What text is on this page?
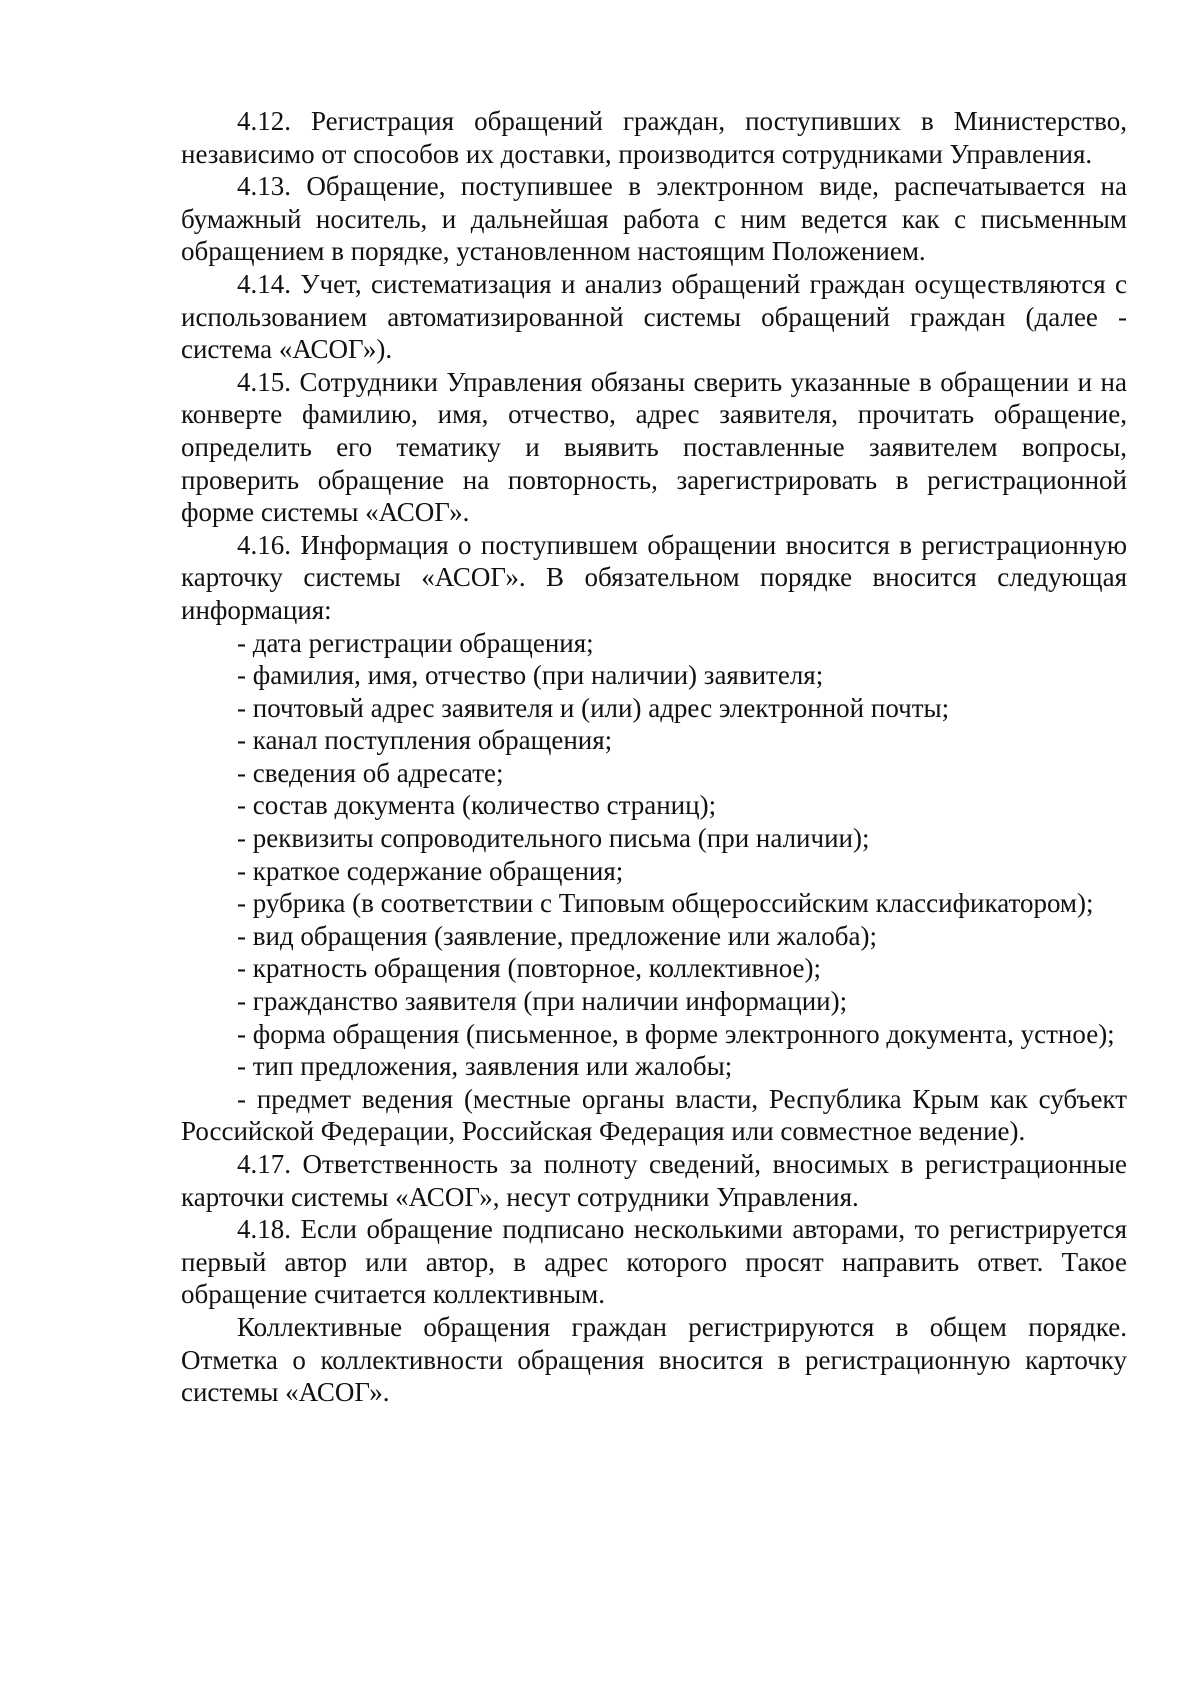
4.12. Регистрация обращений граждан, поступивших в Министерство, независимо от способов их доставки, производится сотрудниками Управления.

4.13. Обращение, поступившее в электронном виде, распечатывается на бумажный носитель, и дальнейшая работа с ним ведется как с письменным обращением в порядке, установленном настоящим Положением.

4.14. Учет, систематизация и анализ обращений граждан осуществляются с использованием автоматизированной системы обращений граждан (далее - система «АСОГ»).

4.15. Сотрудники Управления обязаны сверить указанные в обращении и на конверте фамилию, имя, отчество, адрес заявителя, прочитать обращение, определить его тематику и выявить поставленные заявителем вопросы, проверить обращение на повторность, зарегистрировать в регистрационной форме системы «АСОГ».

4.16. Информация о поступившем обращении вносится в регистрационную карточку системы «АСОГ». В обязательном порядке вносится следующая информация:

- дата регистрации обращения;

- фамилия, имя, отчество (при наличии) заявителя;

- почтовый адрес заявителя и (или) адрес электронной почты;

- канал поступления обращения;

- сведения об адресате;

- состав документа (количество страниц);

- реквизиты сопроводительного письма (при наличии);

- краткое содержание обращения;

- рубрика (в соответствии с Типовым общероссийским классификатором);

- вид обращения (заявление, предложение или жалоба);

- кратность обращения (повторное, коллективное);

- гражданство заявителя (при наличии информации);

- форма обращения (письменное, в форме электронного документа, устное);

- тип предложения, заявления или жалобы;

- предмет ведения (местные органы власти, Республика Крым как субъект Российской Федерации, Российская Федерация или совместное ведение).

4.17. Ответственность за полноту сведений, вносимых в регистрационные карточки системы «АСОГ», несут сотрудники Управления.

4.18. Если обращение подписано несколькими авторами, то регистрируется первый автор или автор, в адрес которого просят направить ответ. Такое обращение считается коллективным.

Коллективные обращения граждан регистрируются в общем порядке. Отметка о коллективности обращения вносится в регистрационную карточку системы «АСОГ».
